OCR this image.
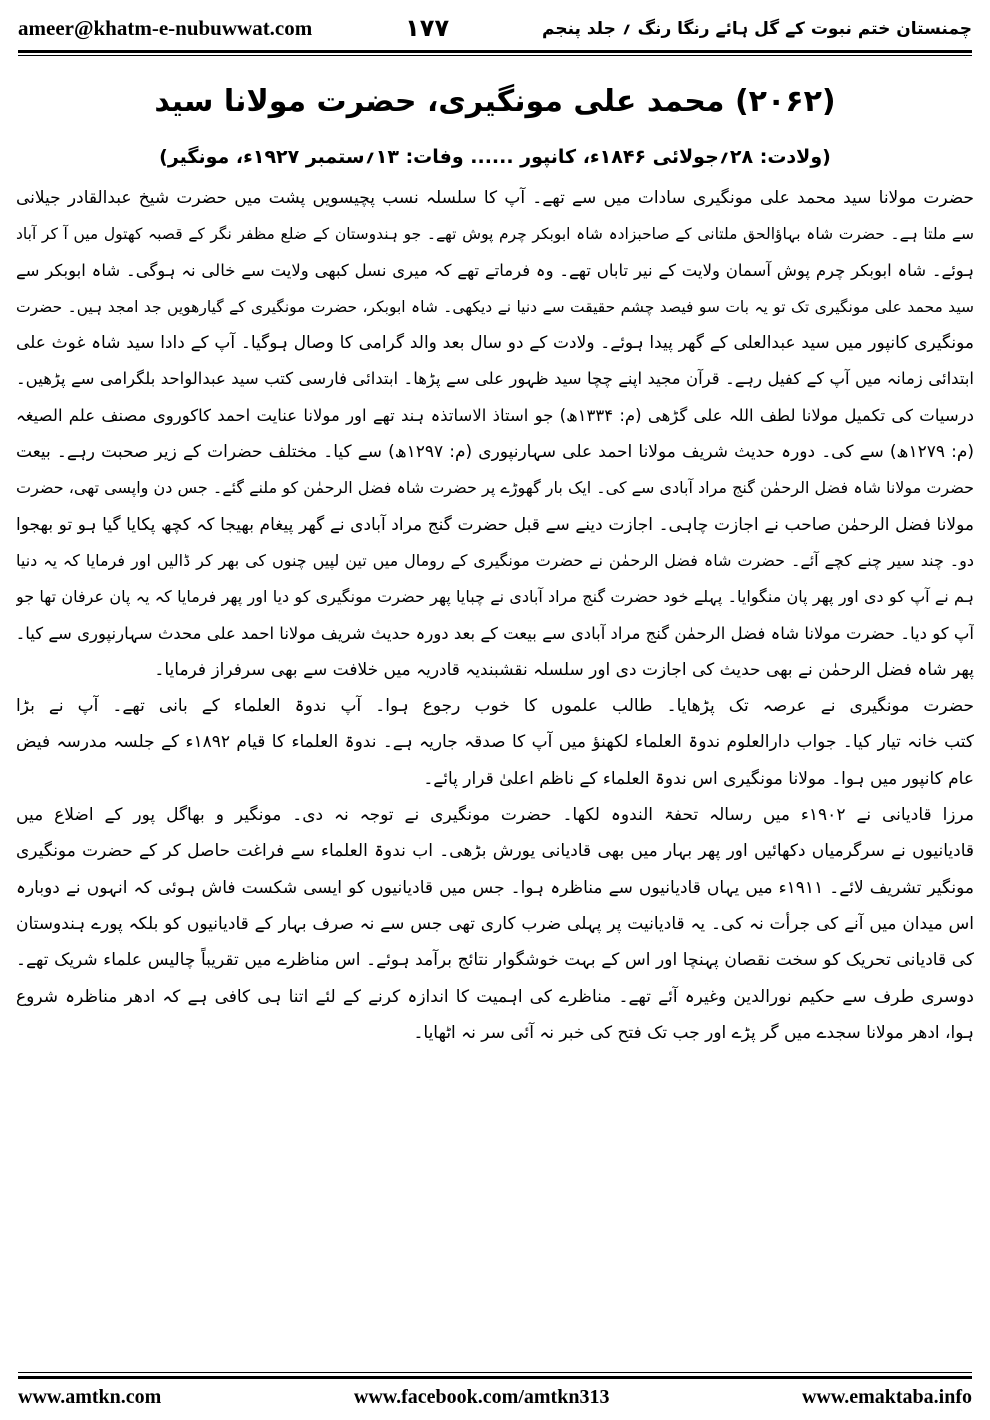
ameer@khatm-e-nubuwwat.com	۱۷۷	چمنستان ختم نبوت کے گل ہائے رنگا رنگ ؍ جلد پنجم
(۲۰۶۲) محمد علی مونگیری، حضرت مولانا سید
(ولادت: ۲۸؍جولائی ۱۸۴۶ء، کانپور ...... وفات: ۱۳؍ستمبر ۱۹۲۷ء، مونگیر)
حضرت مولانا سید محمد علی مونگیری سادات میں سے تھے۔ آپ کا سلسلہ نسب پچیسویں پشت میں حضرت شیخ عبدالقادر جیلانی
سے ملتا ہے۔ حضرت شاہ بہاؤالحق ملتانی کے صاحبزادہ شاہ ابوبکر چرم پوش تھے۔ جو ہندوستان کے ضلع مظفر نگر کے قصبہ کھتول میں آ کر آباد
ہوئے۔ شاہ ابوبکر چرم پوش آسمان ولایت کے نیر تاباں تھے۔ وہ فرماتے تھے کہ میری نسل کبھی ولایت سے خالی نہ ہوگی۔ شاہ ابوبکر سے
سید محمد علی مونگیری تک تو یہ بات سو فیصد چشم حقیقت سے دنیا نے دیکھی۔ شاہ ابوبکر، حضرت مونگیری کے گیارھویں جد امجد ہیں۔ حضرت
مونگیری کانپور میں سید عبدالعلی کے گھر پیدا ہوئے۔ ولادت کے دو سال بعد والد گرامی کا وصال ہوگیا۔ آپ کے دادا سید شاہ غوث علی
ابتدائی زمانہ میں آپ کے کفیل رہے۔ قرآن مجید اپنے چچا سید ظہور علی سے پڑھا۔ ابتدائی فارسی کتب سید عبدالواحد بلگرامی سے پڑھیں۔
درسیات کی تکمیل مولانا لطف اللہ علی گڑھی (م: ۱۳۳۴ھ) جو استاذ الاساتذہ ہند تھے اور مولانا عنایت احمد کاکوروی مصنف علم الصیغہ
(م: ۱۲۷۹ھ) سے کی۔ دورہ حدیث شریف مولانا احمد علی سہارنپوری (م: ۱۲۹۷ھ) سے کیا۔ مختلف حضرات کے زیر صحبت رہے۔ بیعت
حضرت مولانا شاہ فضل الرحمٰن گنج مراد آبادی سے کی۔ ایک بار گھوڑے پر حضرت شاہ فضل الرحمٰن کو ملنے گئے۔ جس دن واپسی تھی، حضرت
مولانا فضل الرحمٰن صاحب نے اجازت چاہی۔ اجازت دینے سے قبل حضرت گنج مراد آبادی نے گھر پیغام بھیجا کہ کچھ پکایا گیا ہو تو بھجوا
دو۔ چند سیر چنے کچے آئے۔ حضرت شاہ فضل الرحمٰن نے حضرت مونگیری کے رومال میں تین لپیں چنوں کی بھر کر ڈالیں اور فرمایا کہ یہ دنیا
ہم نے آپ کو دی اور پھر پان منگوایا۔ پہلے خود حضرت گنج مراد آبادی نے چبایا پھر حضرت مونگیری کو دیا اور پھر فرمایا کہ یہ پان عرفان تھا جو
آپ کو دیا۔ حضرت مولانا شاہ فضل الرحمٰن گنج مراد آبادی سے بیعت کے بعد دورہ حدیث شریف مولانا احمد علی محدث سہارنپوری سے کیا۔
پھر شاہ فضل الرحمٰن نے بھی حدیث کی اجازت دی اور سلسلہ نقشبندیہ قادریہ میں خلافت سے بھی سرفراز فرمایا۔
حضرت مونگیری نے عرصہ تک پڑھایا۔ طالب علموں کا خوب رجوع ہوا۔ آپ ندوۃ العلماء کے بانی تھے۔ آپ نے بڑا
کتب خانہ تیار کیا۔ جواب دارالعلوم ندوۃ العلماء لکھنؤ میں آپ کا صدقہ جاریہ ہے۔ ندوۃ العلماء کا قیام ۱۸۹۲ء کے جلسہ مدرسہ فیض
عام کانپور میں ہوا۔ مولانا مونگیری اس ندوۃ العلماء کے ناظم اعلیٰ قرار پائے۔
مرزا قادیانی نے ۱۹۰۲ء میں رسالہ تحفۃ الندوہ لکھا۔ حضرت مونگیری نے توجہ نہ دی۔ مونگیر و بھاگل پور کے اضلاع میں
قادیانیوں نے سرگرمیاں دکھائیں اور پھر بہار میں بھی قادیانی یورش بڑھی۔ اب ندوۃ العلماء سے فراغت حاصل کر کے حضرت مونگیری
مونگیر تشریف لائے۔ ۱۹۱۱ء میں یہاں قادیانیوں سے مناظرہ ہوا۔ جس میں قادیانیوں کو ایسی شکست فاش ہوئی کہ انہوں نے دوبارہ
اس میدان میں آنے کی جرأت نہ کی۔ یہ قادیانیت پر پہلی ضرب کاری تھی جس سے نہ صرف بہار کے قادیانیوں کو بلکہ پورے ہندوستان
کی قادیانی تحریک کو سخت نقصان پہنچا اور اس کے بہت خوشگوار نتائج برآمد ہوئے۔ اس مناظرے میں تقریباً چالیس علماء شریک تھے۔
دوسری طرف سے حکیم نورالدین وغیرہ آئے تھے۔ مناظرے کی اہمیت کا اندازہ کرنے کے لئے اتنا ہی کافی ہے کہ ادھر مناظرہ شروع
ہوا، ادھر مولانا سجدے میں گر پڑے اور جب تک فتح کی خبر نہ آئی سر نہ اٹھایا۔
www.amtkn.com	www.facebook.com/amtkn313	www.emaktaba.info
